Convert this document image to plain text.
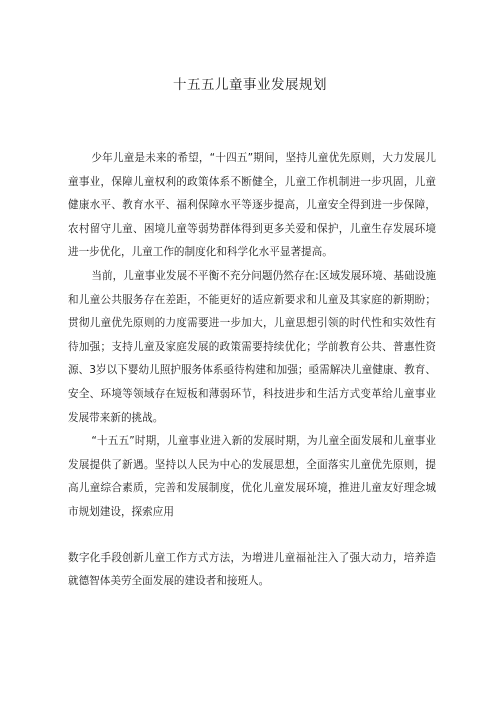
十五五儿童事业发展规划

少年儿童是未来的希望，“十四五”期间，坚持儿童优先原则，大力发展儿童事业，保障儿童权利的政策体系不断健全，儿童工作机制进一步巩固，儿童健康水平、教育水平、福利保障水平等逐步提高，儿童安全得到进一步保障，农村留守儿童、困境儿童等弱势群体得到更多关爱和保护，儿童生存发展环境进一步优化，儿童工作的制度化和科学化水平显著提高。

当前，儿童事业发展不平衡不充分问题仍然存在:区域发展环境、基础设施和儿童公共服务存在差距，不能更好的适应新要求和儿童及其家庭的新期盼；贯彻儿童优先原则的力度需要进一步加大，儿童思想引领的时代性和实效性有待加强；支持儿童及家庭发展的政策需要持续优化；学前教育公共、普惠性资源、3岁以下婴幼儿照护服务体系亟待构建和加强；亟需解决儿童健康、教育、安全、环境等领域存在短板和薄弱环节，科技进步和生活方式变革给儿童事业发展带来新的挑战。

“十五五”时期，儿童事业进入新的发展时期，为儿童全面发展和儿童事业发展提供了新遇。坚持以人民为中心的发展思想，全面落实儿童优先原则，提高儿童综合素质，完善和发展制度，优化儿童发展环境，推进儿童友好理念城市规划建设，探索应用

数字化手段创新儿童工作方式方法，为增进儿童福祉注入了强大动力，培养造就德智体美劳全面发展的建设者和接班人。
